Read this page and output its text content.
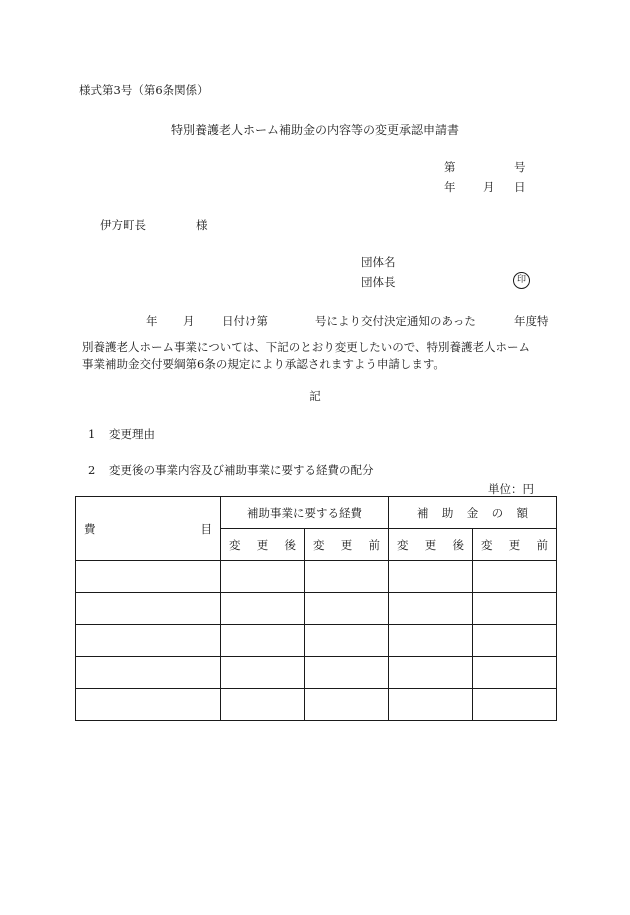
様式第3号（第6条関係）
特別養護老人ホーム補助金の内容等の変更承認申請書
第	号
年 月 日
伊方町長	様
団体名
団体長	印
年 月 日付け第	号により交付決定通知のあった	年度特
別養護老人ホーム事業については、下記のとおり変更したいので、特別養護老人ホーム
事業補助金交付要綱第6条の規定により承認されますよう申請します。
記
1 変更理由
2 変更後の事業内容及び補助事業に要する経費の配分
単位：円
費 目	補助事業に要する経費		補 助 金 の 額	

	変 更 後	変 更 前	変 更 後	変 更 前
